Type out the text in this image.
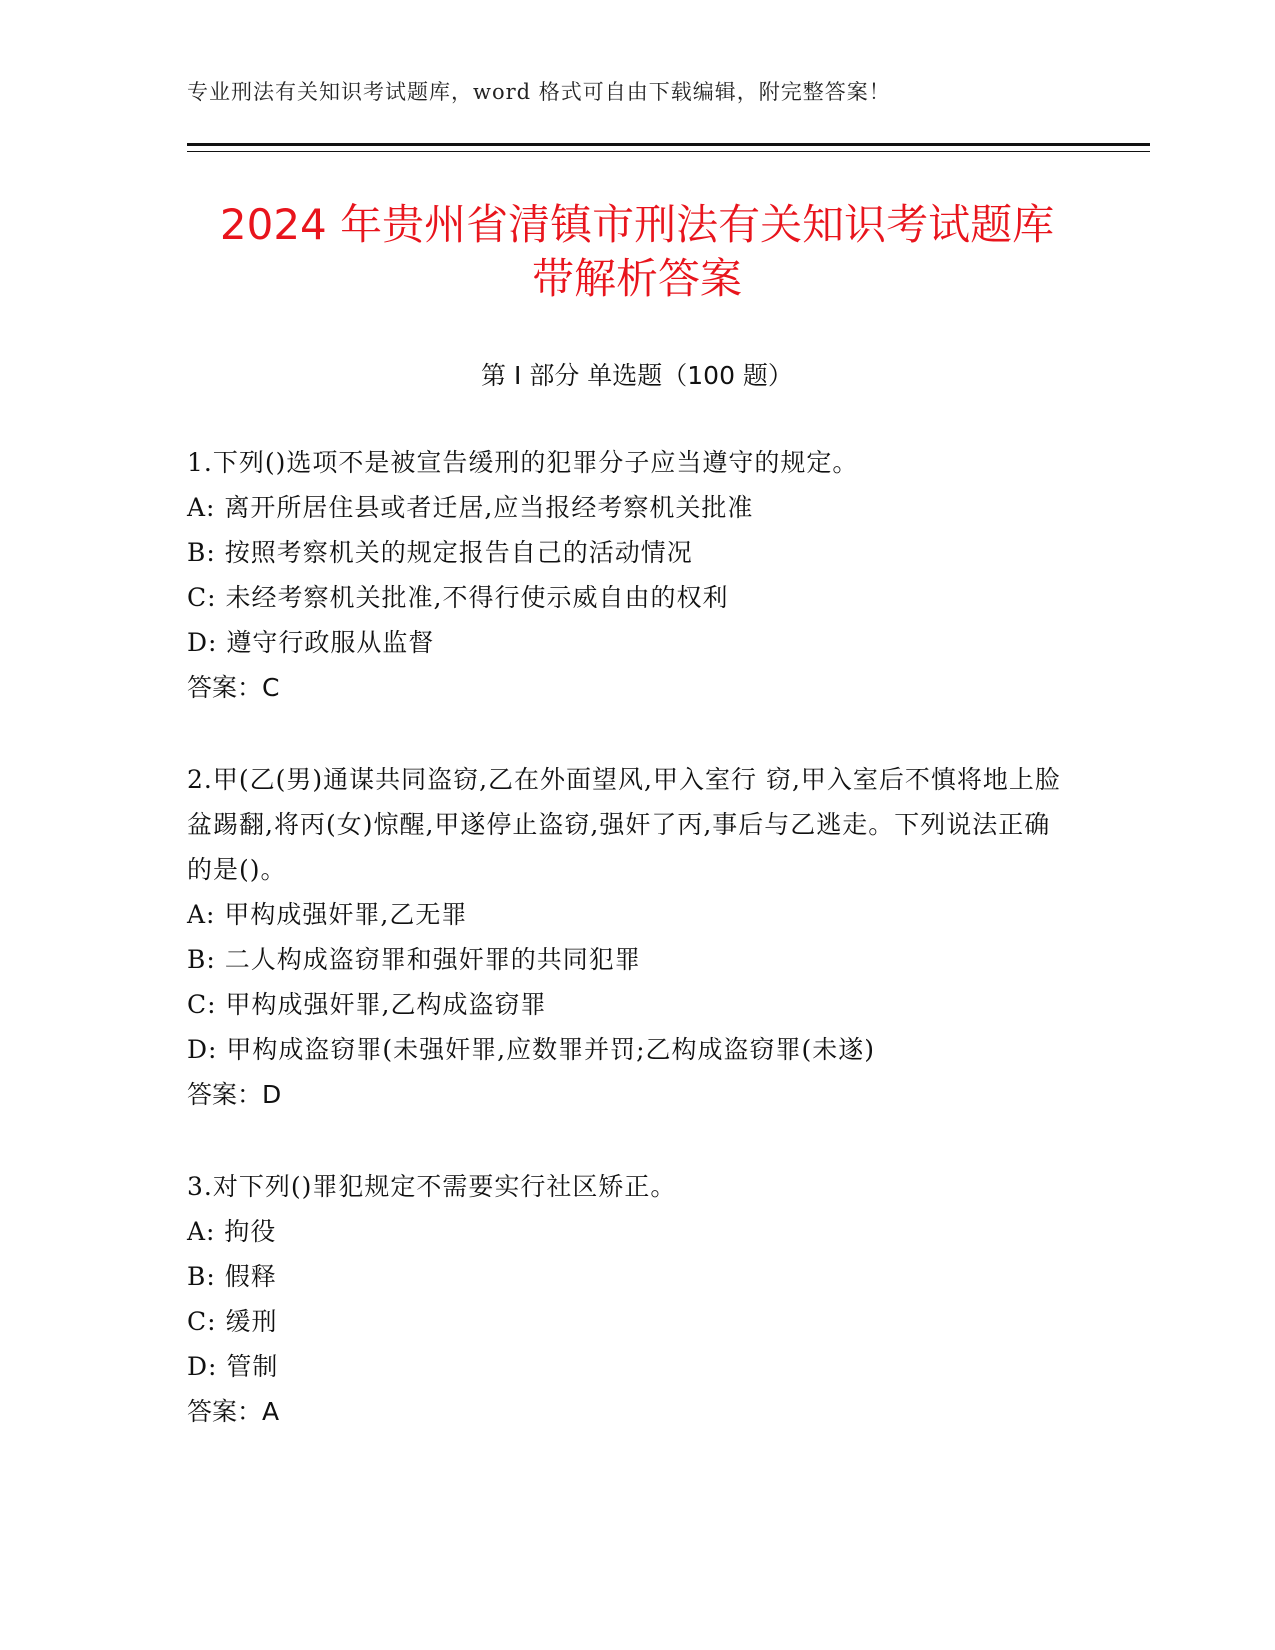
专业刑法有关知识考试题库，word 格式可自由下载编辑，附完整答案！
2024 年贵州省清镇市刑法有关知识考试题库
带解析答案
第 I 部分 单选题（100 题）

1.下列()选项不是被宣告缓刑的犯罪分子应当遵守的规定。

A: 离开所居住县或者迁居,应当报经考察机关批准

B: 按照考察机关的规定报告自己的活动情况

C: 未经考察机关批准,不得行使示威自由的权利

D: 遵守行政服从监督

答案：C

2.甲(乙(男)通谋共同盗窃,乙在外面望风,甲入室行 窃,甲入室后不慎将地上脸盆踢翻,将丙(女)惊醒,甲遂停止盗窃,强奸了丙,事后与乙逃走。下列说法正确的是()。

A: 甲构成强奸罪,乙无罪

B: 二人构成盗窃罪和强奸罪的共同犯罪

C: 甲构成强奸罪,乙构成盗窃罪

D: 甲构成盗窃罪(未强奸罪,应数罪并罚;乙构成盗窃罪(未遂)

答案：D

3.对下列()罪犯规定不需要实行社区矫正。

A: 拘役

B: 假释

C: 缓刑

D: 管制

答案：A
